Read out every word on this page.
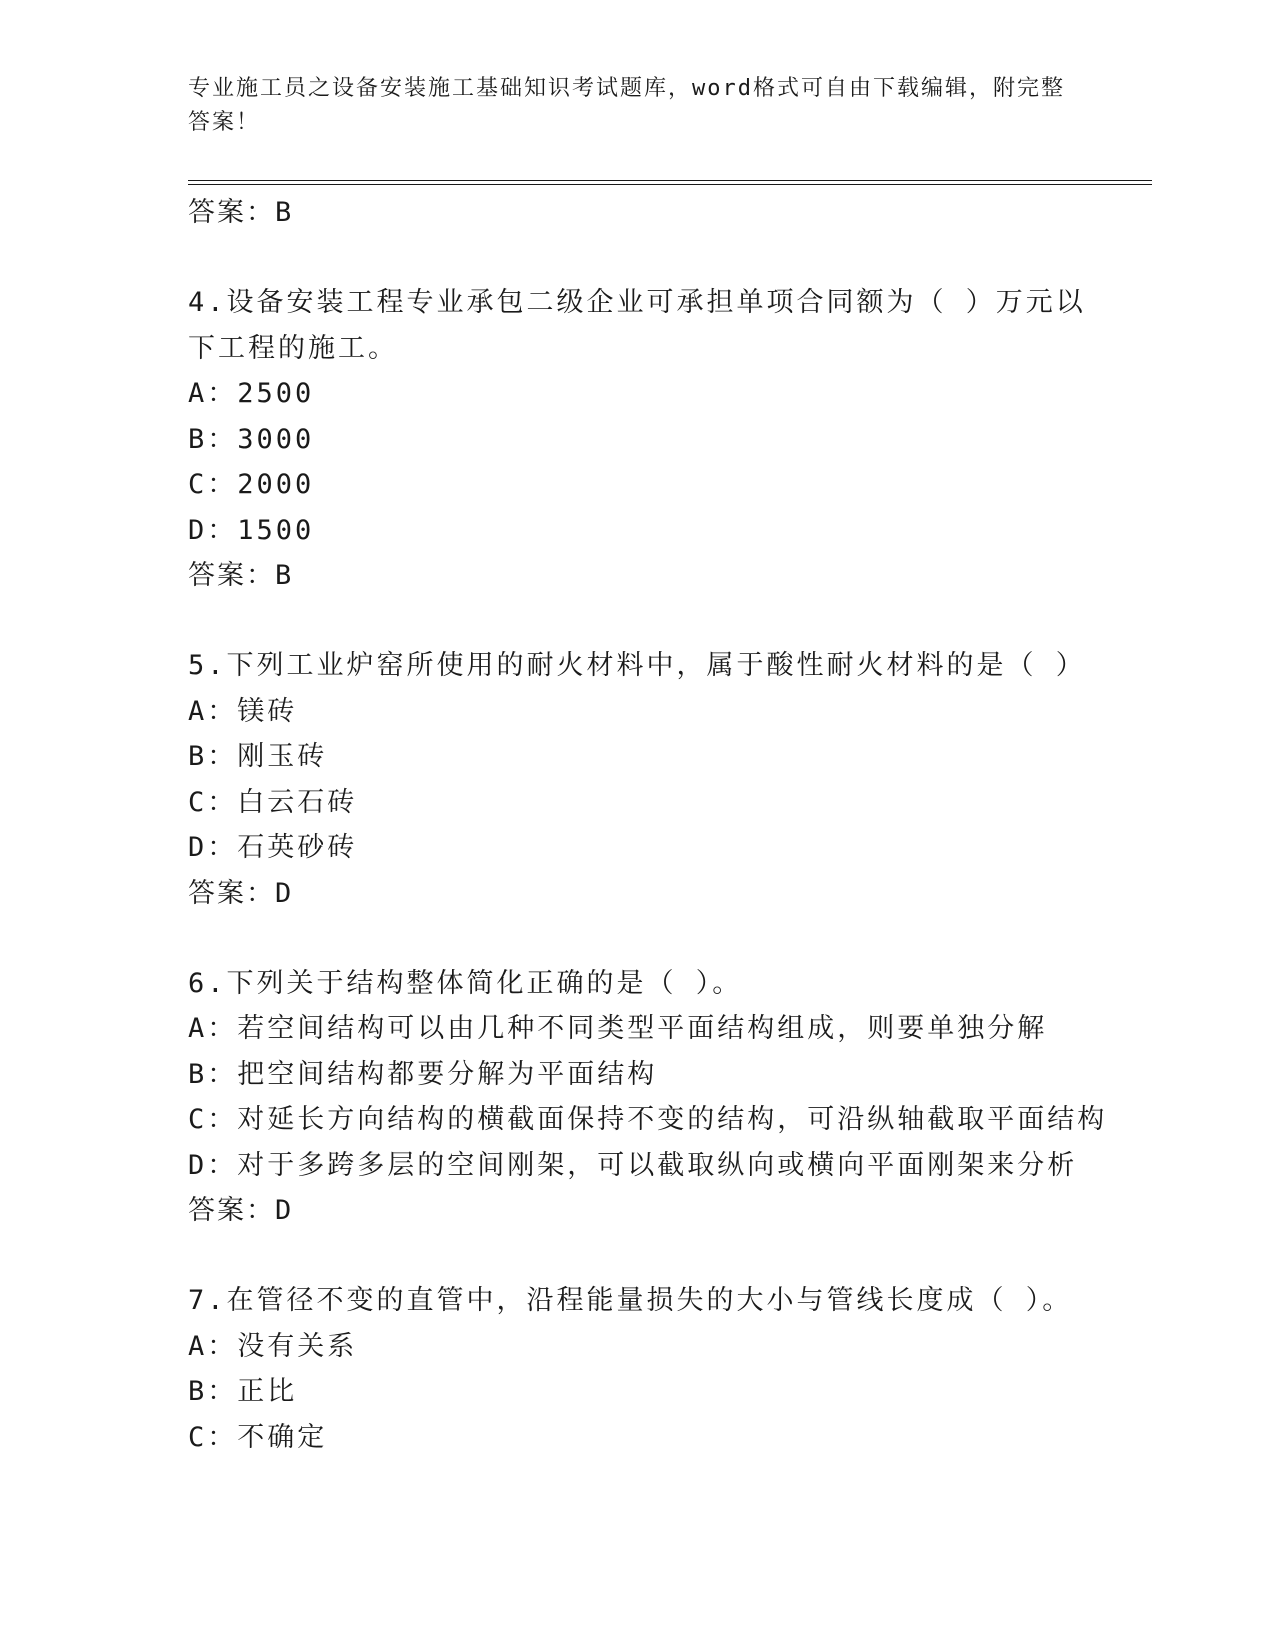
专业施工员之设备安装施工基础知识考试题库，word格式可自由下载编辑，附完整答案！
答案：B
4.设备安装工程专业承包二级企业可承担单项合同额为（ ）万元以下工程的施工。
A：2500
B：3000
C：2000
D：1500
答案：B
5.下列工业炉窑所使用的耐火材料中，属于酸性耐火材料的是（ ）
A：镁砖
B：刚玉砖
C：白云石砖
D：石英砂砖
答案：D
6.下列关于结构整体简化正确的是（ ）。
A：若空间结构可以由几种不同类型平面结构组成，则要单独分解
B：把空间结构都要分解为平面结构
C：对延长方向结构的横截面保持不变的结构，可沿纵轴截取平面结构
D：对于多跨多层的空间刚架，可以截取纵向或横向平面刚架来分析
答案：D
7.在管径不变的直管中，沿程能量损失的大小与管线长度成（ ）。
A：没有关系
B：正比
C：不确定
